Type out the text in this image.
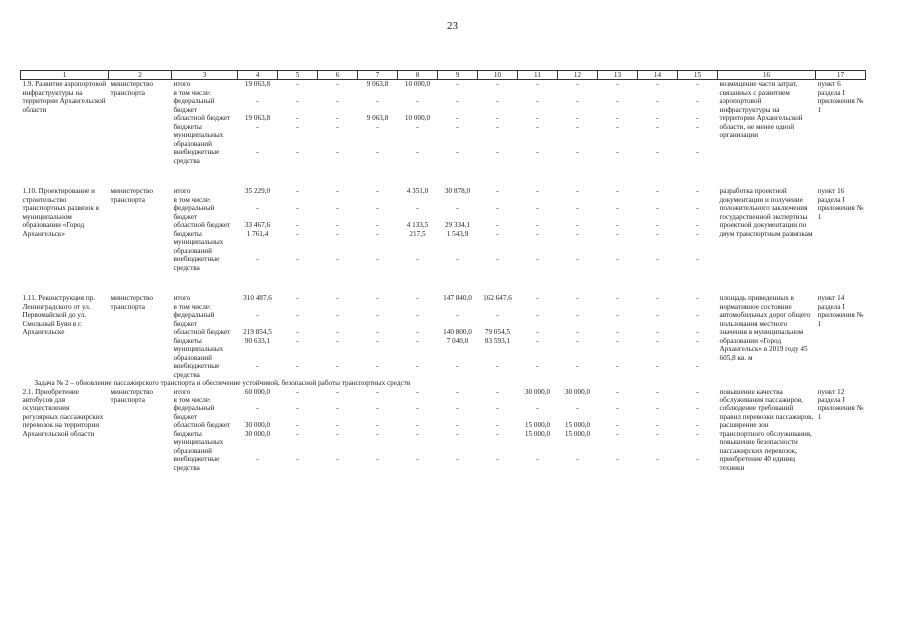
23
1	2	3	4	5	6	7	8	9	10	11	12	13	14	15	16	17
1.9. Развитие аэропортовой инфраструктуры на территории Архангельской области	министерство транспорта	итого	19 063,8	-	-	9 063,8	10 000,0	-	-	-	-	-	-	-	возмещение части затрат, связанных с развитием аэропортовой инфраструктуры на территории Архангельской области, не менее одной организации	пункт 6 раздела I приложения № 1
		в том числе:														
		федеральный бюджет	-	-	-	-	-	-	-	-	-	-	-	-		
		областной бюджет	19 063,8	-	-	9 063,8	10 000,0	-	-	-	-	-	-	-		
		бюджеты муниципальных образований	-	-	-	-	-	-	-	-	-	-	-	-		
		внебюджетные средства	-	-	-	-	-	-	-	-	-	-	-	-		

1.10. Проектирование и строительство транспортных развязок в муниципальном образовании «Город Архангельск»	министерство транспорта	итого	35 229,0	-	-	-	4 351,0	30 878,0	-	-	-	-	-	-	разработка проектной документации и получение положительного заключения государственной экспертизы проектной документации по двум транспортным развязкам	пункт 16 раздела I приложения № 1
		в том числе:														
		федеральный бюджет	-	-	-	-	-	-	-	-	-	-	-	-		
		областной бюджет	33 467,6	-	-	-	4 133,5	29 334,1	-	-	-	-	-	-		
		бюджеты муниципальных образований	1 761,4	-	-	-	217,5	1 543,9	-	-	-	-	-	-		
		внебюджетные средства	-	-	-	-	-	-	-	-	-	-	-	-		

1.11. Реконструкция пр. Ленинградского от ул. Первомайской до ул. Смольный Буян в г. Архангельске	министерство транспорта	итого	310 487,6	-	-	-	-	147 840,0	162 647,6	-	-	-	-	-	площадь приведенных в нормативное состояние автомобильных дорог общего пользования местного значения в муниципальном образовании «Город Архангельск» в 2019 году 45 605,8 кв. м	пункт 14 раздела I приложения № 1
		в том числе:														
		федеральный бюджет	-	-	-	-	-	-	-	-	-	-	-	-		
		областной бюджет	219 854,5	-	-	-	-	140 800,0	79 054,5	-	-	-	-	-		
		бюджеты муниципальных образований	90 633,1	-	-	-	-	7 040,0	83 593,1	-	-	-	-	-		
		внебюджетные средства	-	-	-	-	-	-	-	-	-	-	-	-		
Задача № 2 – обновление пассажирского транспорта и обеспечение устойчивой, безопасной работы транспортных средств																
2.1. Приобретение автобусов для осуществления регулярных пассажирских перевозок на территории Архангельской области	министерство транспорта	итого	60 000,0	-	-	-	-	-	-	30 000,0	30 000,0	-	-	-	повышение качества обслуживания пассажиров, соблюдение требований правил перевозки пассажиров, расширение зон транспортного обслуживания, повышение безопасности пассажирских перевозок, приобретение 40 единиц техники	пункт 12 раздела I приложения № 1
		в том числе:														
		федеральный бюджет	-	-	-	-	-	-	-	-	-	-	-	-		
		областной бюджет	30 000,0	-	-	-	-	-	-	15 000,0	15 000,0	-	-	-		
		бюджеты муниципальных образований	30 000,0	-	-	-	-	-	-	15 000,0	15 000,0	-	-	-		
		внебюджетные средства	-	-	-	-	-	-	-	-	-	-	-	-		
